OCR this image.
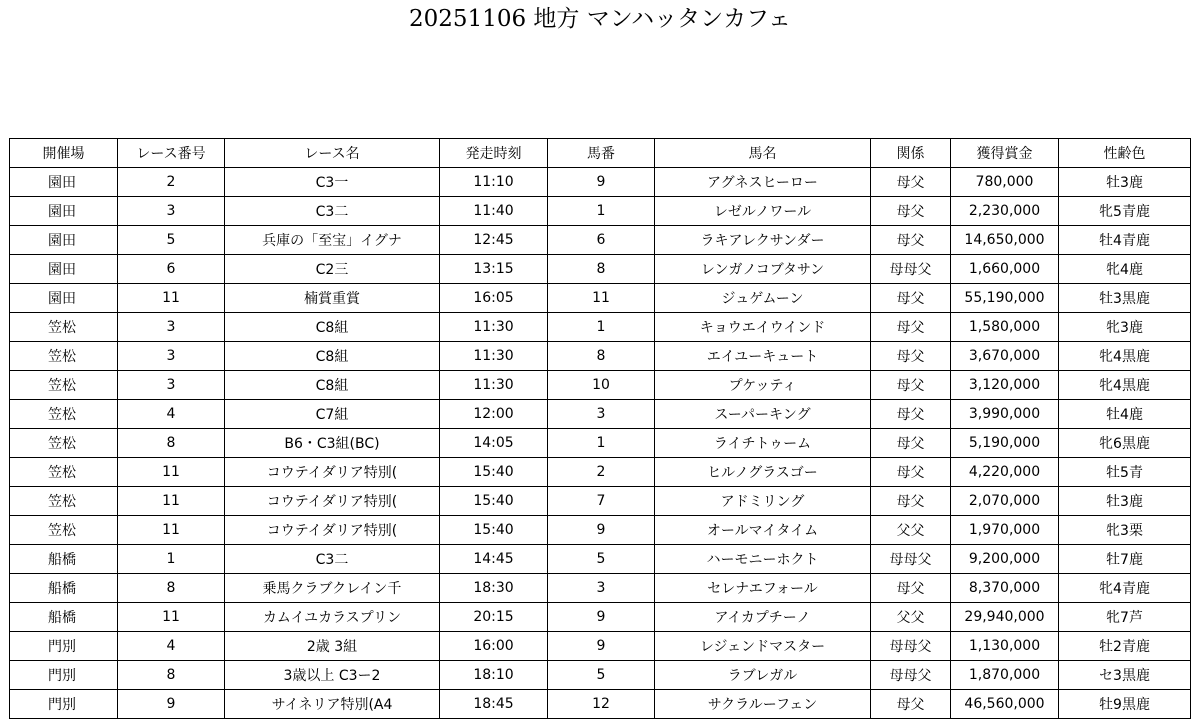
20251106 地方 マンハッタンカフェ
開催場	レース番号	レース名	発走時刻	馬番	馬名	関係	獲得賞金	性齢色
園田	2	C3一	11:10	9	アグネスヒーロー	母父	780,000	牡3鹿
園田	3	C3二	11:40	1	レゼルノワール	母父	2,230,000	牝5青鹿
園田	5	兵庫の「至宝」イグナ	12:45	6	ラキアレクサンダー	母父	14,650,000	牡4青鹿
園田	6	C2三	13:15	8	レンガノコブタサン	母母父	1,660,000	牝4鹿
園田	11	楠賞重賞	16:05	11	ジュゲムーン	母父	55,190,000	牡3黒鹿
笠松	3	C8組	11:30	1	キョウエイウインド	母父	1,580,000	牝3鹿
笠松	3	C8組	11:30	8	エイユーキュート	母父	3,670,000	牝4黒鹿
笠松	3	C8組	11:30	10	プケッティ	母父	3,120,000	牝4黒鹿
笠松	4	C7組	12:00	3	スーパーキング	母父	3,990,000	牡4鹿
笠松	8	B6・C3組(BC)	14:05	1	ライチトゥーム	母父	5,190,000	牝6黒鹿
笠松	11	コウテイダリア特別(	15:40	2	ヒルノグラスゴー	母父	4,220,000	牡5青
笠松	11	コウテイダリア特別(	15:40	7	アドミリング	母父	2,070,000	牡3鹿
笠松	11	コウテイダリア特別(	15:40	9	オールマイタイム	父父	1,970,000	牝3栗
船橋	1	C3二	14:45	5	ハーモニーホクト	母母父	9,200,000	牡7鹿
船橋	8	乗馬クラブクレイン千	18:30	3	セレナエフォール	母父	8,370,000	牝4青鹿
船橋	11	カムイユカラスプリン	20:15	9	アイカプチーノ	父父	29,940,000	牝7芦
門別	4	2歳 3組	16:00	9	レジェンドマスター	母母父	1,130,000	牡2青鹿
門別	8	3歳以上 C3ー2	18:10	5	ラブレガル	母母父	1,870,000	セ3黒鹿
門別	9	サイネリア特別(A4	18:45	12	サクラルーフェン	母父	46,560,000	牡9黒鹿
